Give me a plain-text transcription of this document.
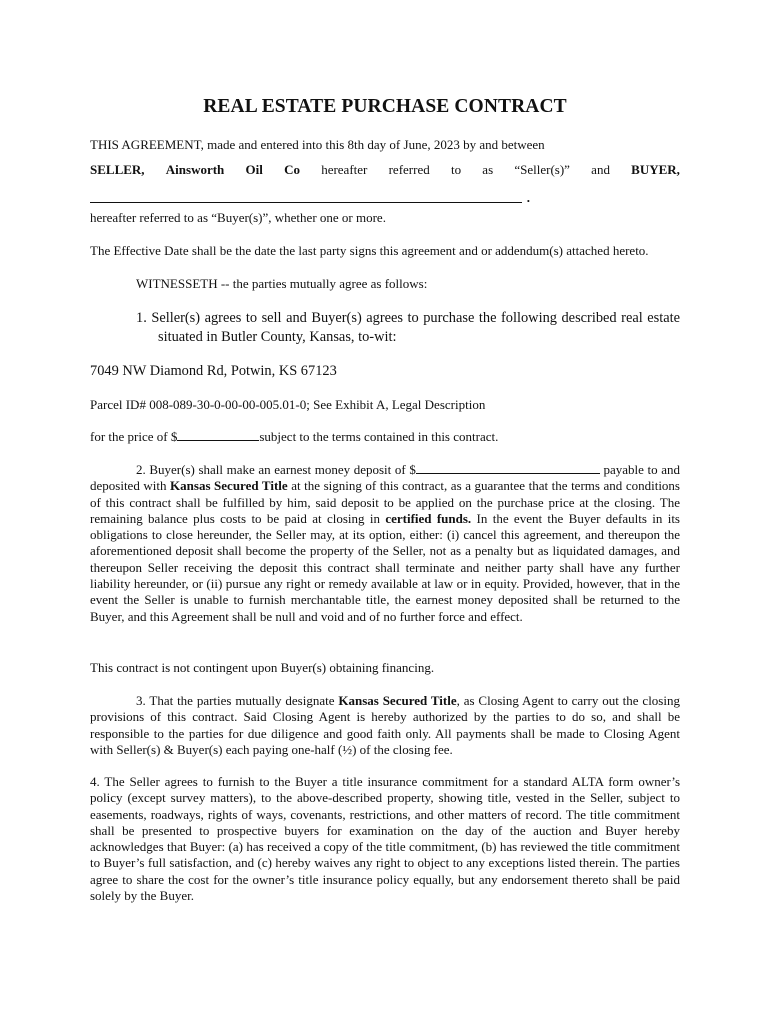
REAL ESTATE PURCHASE CONTRACT

THIS AGREEMENT, made and entered into this 8th day of June, 2023 by and between

SELLER, Ainsworth Oil Co hereafter referred to as “Seller(s)” and BUYER,
.

hereafter referred to as “Buyer(s)”, whether one or more.

The Effective Date shall be the date the last party signs this agreement and or addendum(s) attached hereto.

WITNESSETH -- the parties mutually agree as follows:

1. Seller(s) agrees to sell and Buyer(s) agrees to purchase the following described real estate situated in Butler County, Kansas, to-wit:

7049 NW Diamond Rd, Potwin, KS 67123

Parcel ID# 008-089-30-0-00-00-005.01-0; See Exhibit A, Legal Description

for the price of $	subject to the terms contained in this contract.

2. Buyer(s) shall make an earnest money deposit of $	payable to and deposited with Kansas Secured Title at the signing of this contract, as a guarantee that the terms and conditions of this contract shall be fulfilled by him, said deposit to be applied on the purchase price at the closing. The remaining balance plus costs to be paid at closing in certified funds. In the event the Buyer defaults in its obligations to close hereunder, the Seller may, at its option, either: (i) cancel this agreement, and thereupon the aforementioned deposit shall become the property of the Seller, not as a penalty but as liquidated damages, and thereupon Seller receiving the deposit this contract shall terminate and neither party shall have any further liability hereunder, or (ii) pursue any right or remedy available at law or in equity. Provided, however, that in the event the Seller is unable to furnish merchantable title, the earnest money deposited shall be returned to the Buyer, and this Agreement shall be null and void and of no further force and effect.

This contract is not contingent upon Buyer(s) obtaining financing.

3. That the parties mutually designate Kansas Secured Title, as Closing Agent to carry out the closing provisions of this contract. Said Closing Agent is hereby authorized by the parties to do so, and shall be responsible to the parties for due diligence and good faith only. All payments shall be made to Closing Agent with Seller(s) & Buyer(s) each paying one-half (½) of the closing fee.

4. The Seller agrees to furnish to the Buyer a title insurance commitment for a standard ALTA form owner’s policy (except survey matters), to the above-described property, showing title, vested in the Seller, subject to easements, roadways, rights of ways, covenants, restrictions, and other matters of record. The title commitment shall be presented to prospective buyers for examination on the day of the auction and Buyer hereby acknowledges that Buyer: (a) has received a copy of the title commitment, (b) has reviewed the title commitment to Buyer’s full satisfaction, and (c) hereby waives any right to object to any exceptions listed therein. The parties agree to share the cost for the owner’s title insurance policy equally, but any endorsement thereto shall be paid solely by the Buyer.
